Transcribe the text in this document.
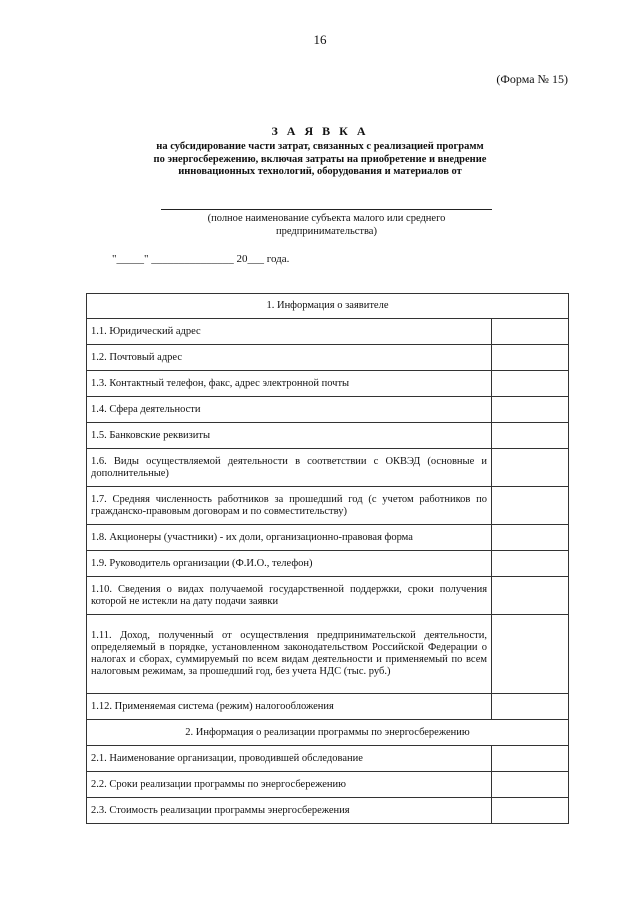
16
(Форма № 15)
З А Я В К А
на субсидирование части затрат, связанных с реализацией программ по энергосбережению, включая затраты на приобретение и внедрение инновационных технологий, оборудования и материалов от
(полное наименование субъекта малого или среднего предпринимательства)
"_____" _______________ 20___ года.
1. Информация о заявителе	
1.1. Юридический адрес	
1.2. Почтовый адрес	
1.3. Контактный телефон, факс, адрес электронной почты	
1.4. Сфера деятельности	
1.5. Банковские реквизиты	
1.6. Виды осуществляемой деятельности в соответствии с ОКВЭД (основные и дополнительные)	
1.7. Средняя численность работников за прошедший год (с учетом работников по гражданско-правовым договорам и по совместительству)	
1.8. Акционеры (участники) - их доли, организационно-правовая форма	
1.9. Руководитель организации (Ф.И.О., телефон)	
1.10. Сведения о видах получаемой государственной поддержки, сроки получения которой не истекли на дату подачи заявки	
1.11. Доход, полученный от осуществления предпринимательской деятельности, определяемый в порядке, установленном законодательством Российской Федерации о налогах и сборах, суммируемый по всем видам деятельности и применяемый по всем налоговым режимам, за прошедший год, без учета НДС (тыс. руб.)	
1.12. Применяемая система (режим) налогообложения	
2. Информация о реализации программы по энергосбережению	
2.1. Наименование организации, проводившей обследование	
2.2. Сроки реализации программы по энергосбережению	
2.3. Стоимость реализации программы энергосбережения	
